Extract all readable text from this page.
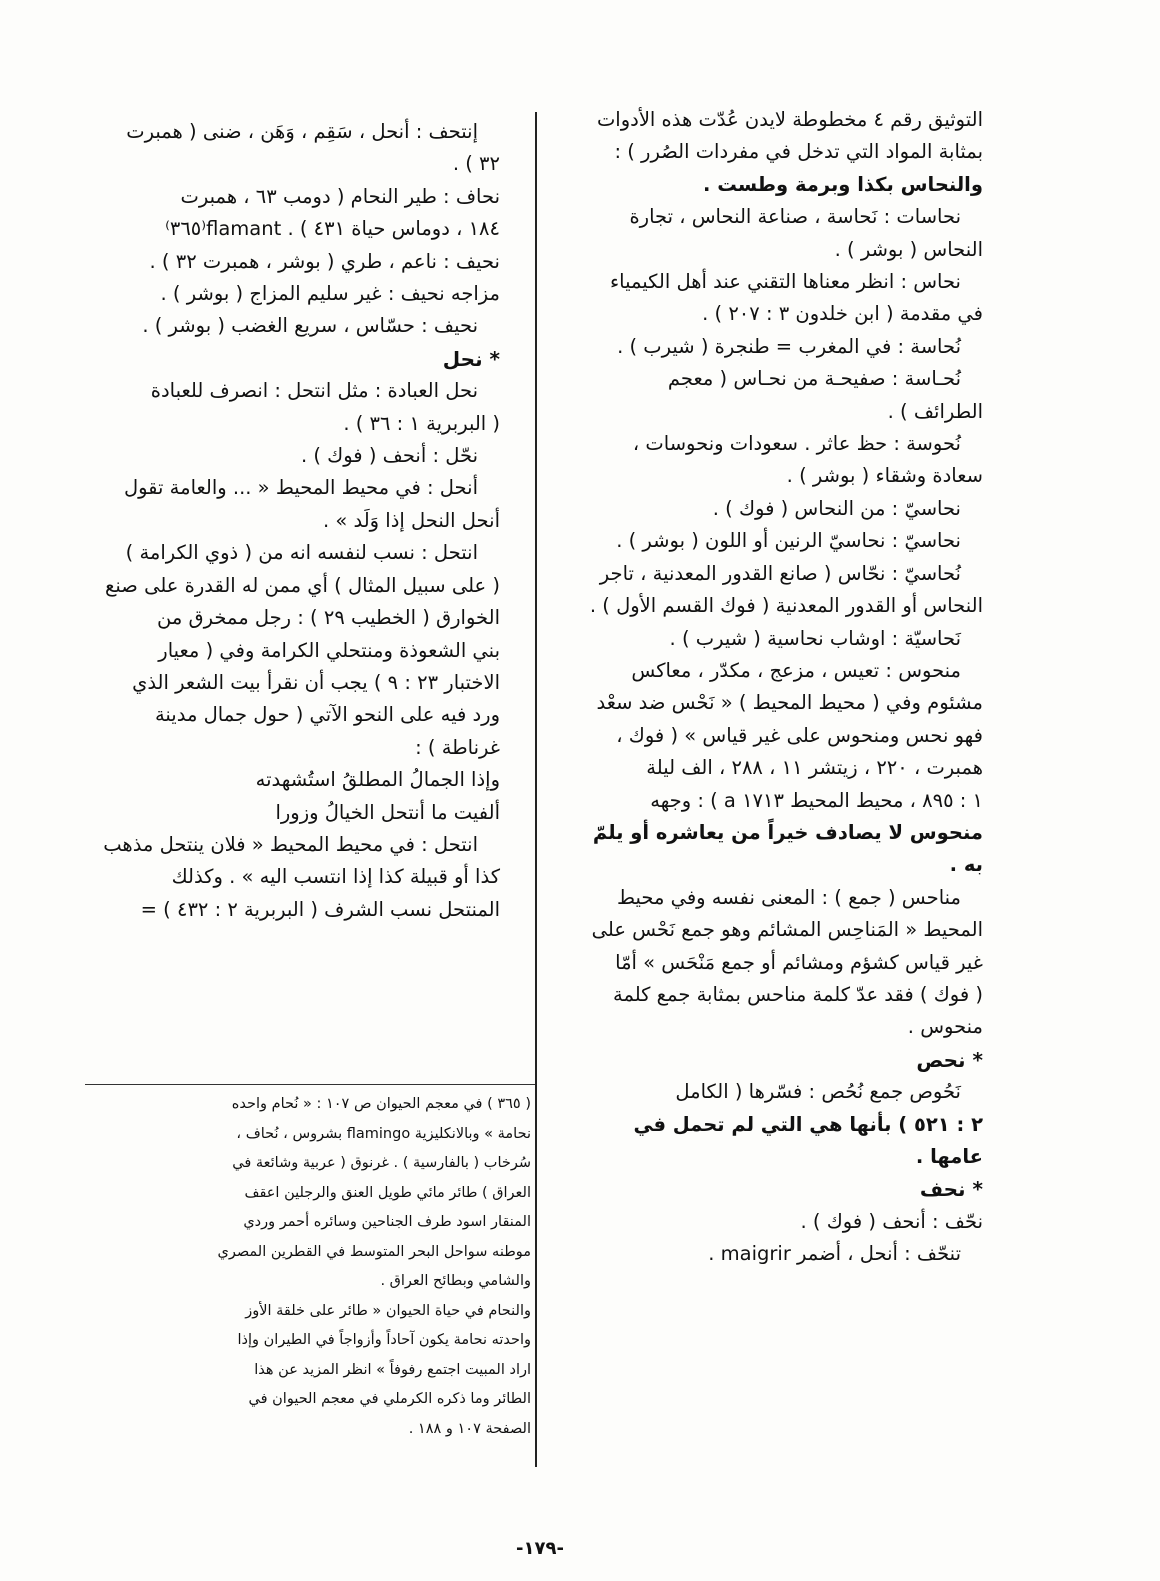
التوثيق رقم ٤ مخطوطة لايدن عُدّت هذه الأدوات

بمثابة المواد التي تدخل في مفردات الصُرر ) :

والنحاس بكذا وبرمة وطست .

نحاسات : نَحاسة ، صناعة النحاس ، تجارة

النحاس ( بوشر ) .

نحاس : انظر معناها التقني عند أهل الكيمياء

في مقدمة ( ابن خلدون ٣ : ٢٠٧ ) .

نُحاسة : في المغرب = طنجرة ( شيرب ) .

نُحـاسة : صفيحـة من نحـاس ( معجم

الطرائف ) .

نُحوسة : حظ عاثر . سعودات ونحوسات ،

سعادة وشقاء ( بوشر ) .

نحاسيّ : من النحاس ( فوك ) .

نحاسيّ : نحاسيّ الرنين أو اللون ( بوشر ) .

نُحاسيّ : نحّاس ( صانع القدور المعدنية ، تاجر

النحاس أو القدور المعدنية ( فوك القسم الأول ) .

نَحاسيّة : اوشاب نحاسية ( شيرب ) .

منحوس : تعيس ، مزعج ، مكدّر ، معاكس

مشئوم وفي ( محيط المحيط ) « نَحْس ضد سعْد

فهو نحس ومنحوس على غير قياس » ( فوك ،

همبرت ، ٢٢٠ ، زيتشر ١١ ، ٢٨٨ ، الف ليلة

١ : ٨٩٥ ، محيط المحيط ١٧١٣ a ) : وجهه

منحوس لا يصادف خيراً من يعاشره أو يلمّ

به .

مناحس ( جمع ) : المعنى نفسه وفي محيط

المحيط « المَناحِس المشائم وهو جمع نَحْس على

غير قياس كشؤم ومشائم أو جمع مَنْحَس » أمّا

( فوك ) فقد عدّ كلمة مناحس بمثابة جمع كلمة

منحوس .

* نحص

نَحُوص جمع نُحُص : فسّرها ( الكامل

٢ : ٥٢١ ) بأنها هي التي لم تحمل في

عامها .

* نحف

نحّف : أنحف ( فوك ) .

تنحّف : أنحل ، أضمر maigrir .

إنتحف : أنحل ، سَقِم ، وَهَن ، ضنى ( همبرت

٣٢ ) .

نحاف : طير النحام ( دومب ٦٣ ، همبرت

١٨٤ ، دوماس حياة ٤٣١ ) . flamant⁽٣٦٥⁾

نحيف : ناعم ، طري ( بوشر ، همبرت ٣٢ ) .

مزاجه نحيف : غير سليم المزاج ( بوشر ) .

نحيف : حسّاس ، سريع الغضب ( بوشر ) .

* نحل

نحل العبادة : مثل انتحل : انصرف للعبادة

( البربرية ١ : ٣٦ ) .

نحّل : أنحف ( فوك ) .

أنحل : في محيط المحيط « ... والعامة تقول

أنحل النحل إذا وَلَد » .

انتحل : نسب لنفسه انه من ( ذوي الكرامة )

( على سبيل المثال ) أي ممن له القدرة على صنع

الخوارق ( الخطيب ٢٩ ) : رجل ممخرق من

بني الشعوذة ومنتحلي الكرامة وفي ( معيار

الاختبار ٢٣ : ٩ ) يجب أن نقرأ بيت الشعر الذي

ورد فيه على النحو الآتي ( حول جمال مدينة

غرناطة ) :

وإذا الجمالُ المطلقُ استُشهدته

ألفيت ما أنتحل الخيالُ وزورا

انتحل : في محيط المحيط « فلان ينتحل مذهب

كذا أو قبيلة كذا إذا انتسب اليه » . وكذلك

المنتحل نسب الشرف ( البربرية ٢ : ٤٣٢ ) =

( ٣٦٥ ) في معجم الحيوان ص ١٠٧ : « نُحام واحده

نحامة » وبالانكليزية flamingo بشروس ، نُحاف ،

سُرخاب ( بالفارسية ) . غرنوق ( عربية وشائعة في

العراق ) طائر مائي طويل العنق والرجلين اعقف

المنقار اسود طرف الجناحين وسائره أحمر وردي

موطنه سواحل البحر المتوسط في القطرين المصري

والشامي وبطائح العراق .

والنحام في حياة الحيوان « طائر على خلقة الأوز

واحدته نحامة يكون آحاداً وأزواجاً في الطيران وإذا

اراد المبيت اجتمع رفوفاً » انظر المزيد عن هذا

الطائر وما ذكره الكرملي في معجم الحيوان في

الصفحة ١٠٧ و ١٨٨ .

-١٧٩-
